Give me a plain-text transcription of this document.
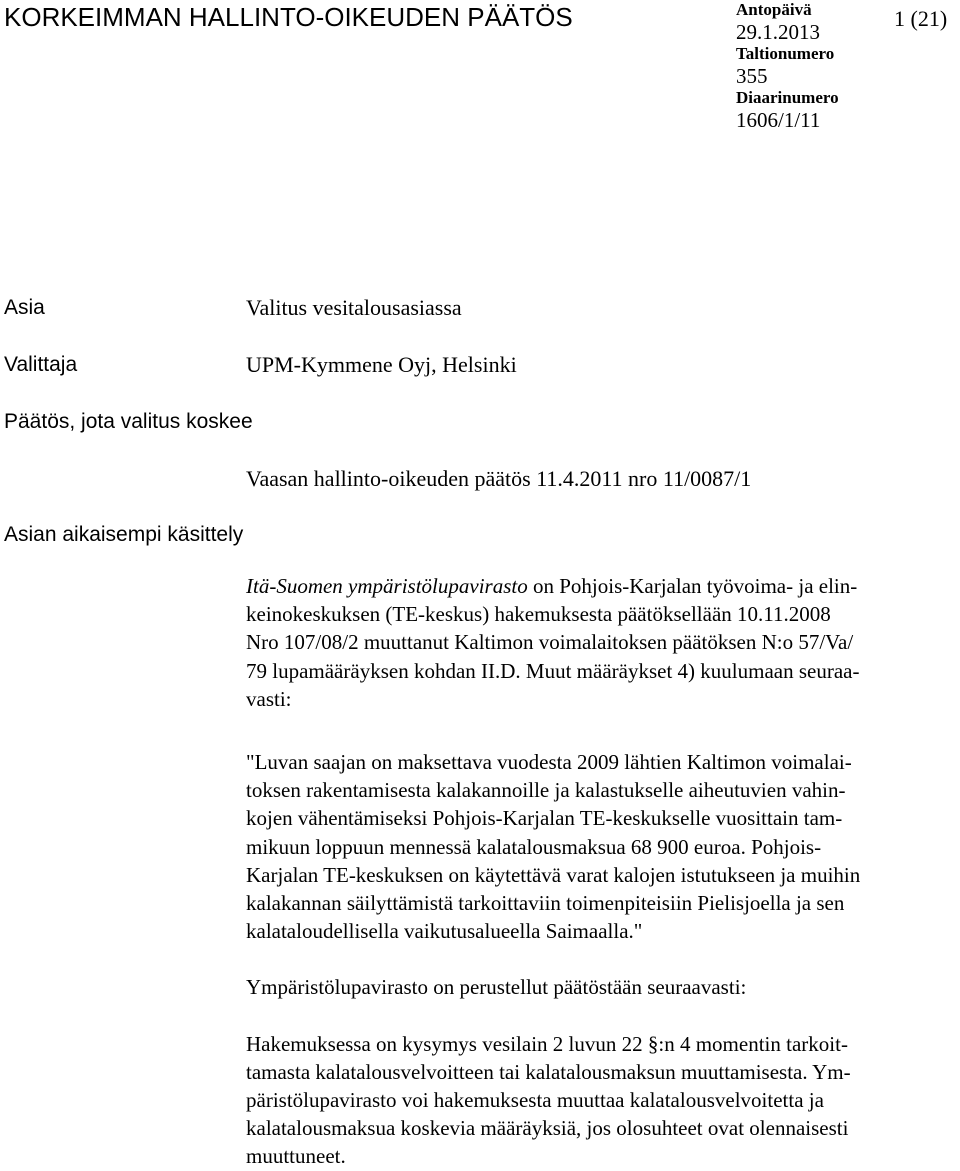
KORKEIMMAN HALLINTO-OIKEUDEN PÄÄTÖS	Antopäivä
29.1.2013
Taltionumero
355
Diaarinumero
1606/1/11
1 (21)
Asia	Valitus vesitalousasiassa
Valittaja	UPM-Kymmene Oyj, Helsinki
Päätös, jota valitus koskee
Vaasan hallinto-oikeuden päätös 11.4.2011 nro 11/0087/1
Asian aikaisempi käsittely

Itä-Suomen ympäristölupavirasto on Pohjois-Karjalan työvoima- ja elin-
keinokeskuksen (TE-keskus) hakemuksesta päätöksellään 10.11.2008
Nro 107/08/2 muuttanut Kaltimon voimalaitoksen päätöksen N:o 57/Va/
79 lupamääräyksen kohdan II.D. Muut määräykset 4) kuulumaan seuraa-
vasti:

"Luvan saajan on maksettava vuodesta 2009 lähtien Kaltimon voimalai-
toksen rakentamisesta kalakannoille ja kalastukselle aiheutuvien vahin-
kojen vähentämiseksi Pohjois-Karjalan TE-keskukselle vuosittain tam-
mikuun loppuun mennessä kalatalousmaksua 68 900 euroa. Pohjois-
Karjalan TE-keskuksen on käytettävä varat kalojen istutukseen ja muihin
kalakannan säilyttämistä tarkoittaviin toimenpiteisiin Pielisjoella ja sen
kalataloudellisella vaikutusalueella Saimaalla."

Ympäristölupavirasto on perustellut päätöstään seuraavasti:

Hakemuksessa on kysymys vesilain 2 luvun 22 §:n 4 momentin tarkoit-
tamasta kalatalousvelvoitteen tai kalatalousmaksun muuttamisesta. Ym-
päristölupavirasto voi hakemuksesta muuttaa kalatalousvelvoitetta ja
kalatalousmaksua koskevia määräyksiä, jos olosuhteet ovat olennaisesti
muuttuneet.
